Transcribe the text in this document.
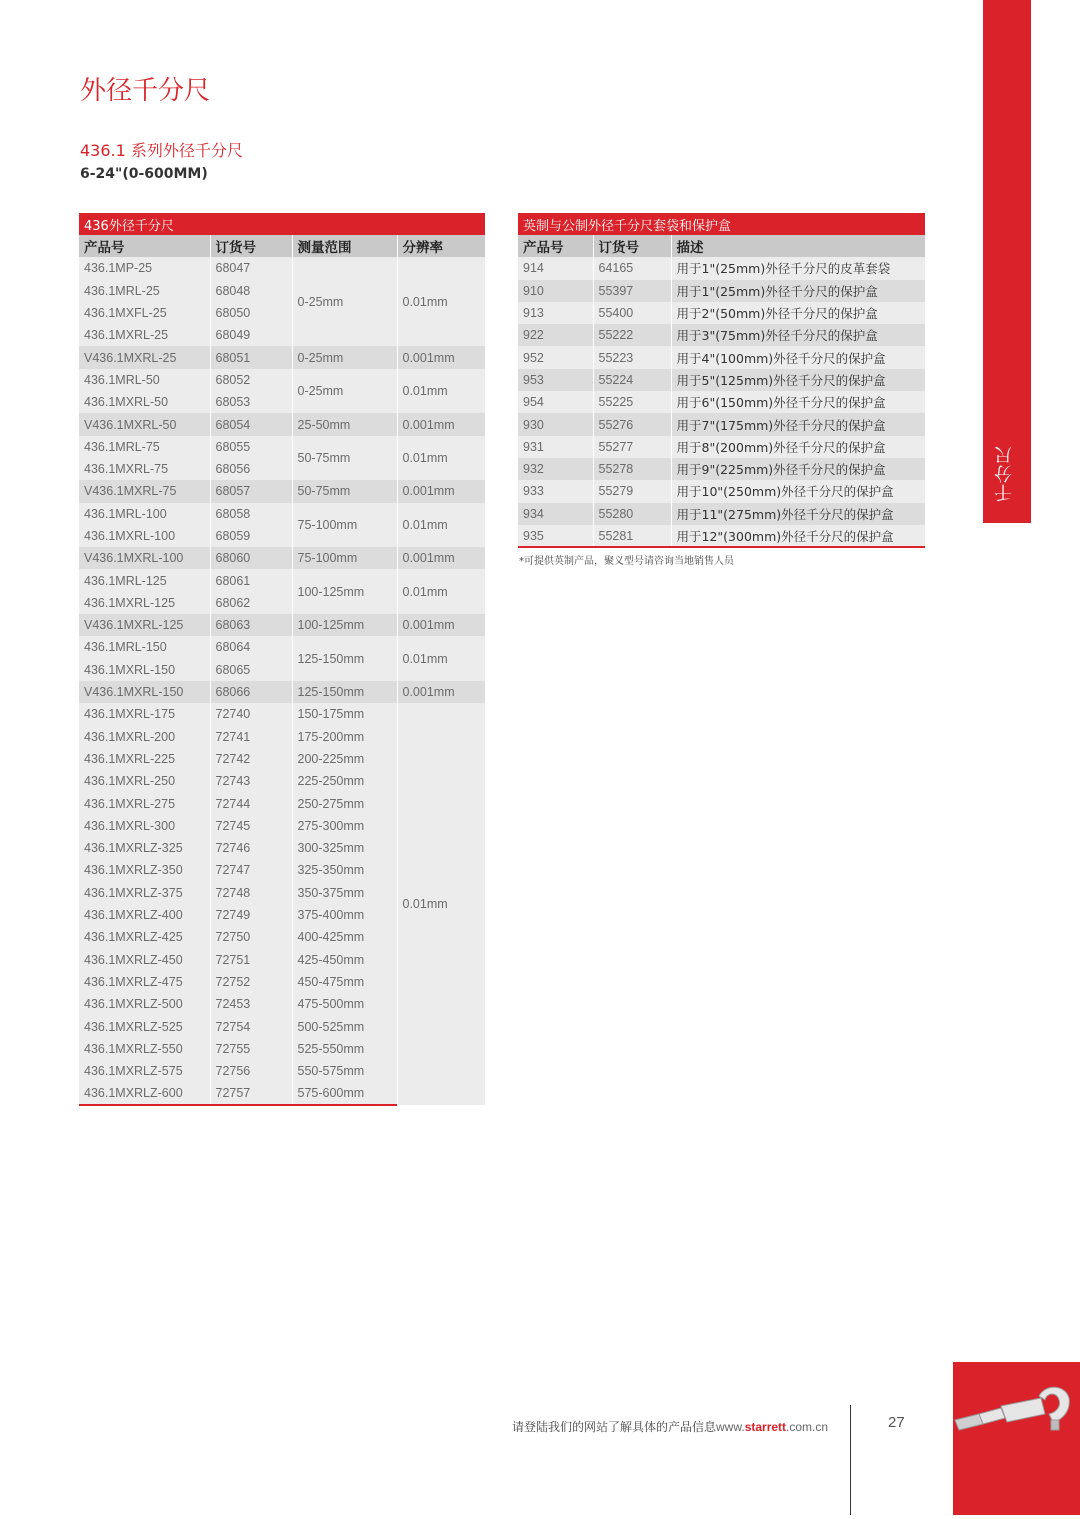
千分尺
外径千分尺
436.1 系列外径千分尺
6-24"(0-600MM)
436外径千分尺			
产品号	订货号	测量范围	分辨率
436.1MP-25	68047	0-25mm	0.01mm
436.1MRL-25	68048		
436.1MXFL-25	68050		
436.1MXRL-25	68049		
V436.1MXRL-25	68051	0-25mm	0.001mm
436.1MRL-50	68052	0-25mm	0.01mm
436.1MXRL-50	68053		
V436.1MXRL-50	68054	25-50mm	0.001mm
436.1MRL-75	68055	50-75mm	0.01mm
436.1MXRL-75	68056		
V436.1MXRL-75	68057	50-75mm	0.001mm
436.1MRL-100	68058	75-100mm	0.01mm
436.1MXRL-100	68059		
V436.1MXRL-100	68060	75-100mm	0.001mm
436.1MRL-125	68061	100-125mm	0.01mm
436.1MXRL-125	68062		
V436.1MXRL-125	68063	100-125mm	0.001mm
436.1MRL-150	68064	125-150mm	0.01mm
436.1MXRL-150	68065		
V436.1MXRL-150	68066	125-150mm	0.001mm
436.1MXRL-175	72740	150-175mm	0.01mm
436.1MXRL-200	72741	175-200mm	
436.1MXRL-225	72742	200-225mm	
436.1MXRL-250	72743	225-250mm	
436.1MXRL-275	72744	250-275mm	
436.1MXRL-300	72745	275-300mm	
436.1MXRLZ-325	72746	300-325mm	
436.1MXRLZ-350	72747	325-350mm	
436.1MXRLZ-375	72748	350-375mm	
436.1MXRLZ-400	72749	375-400mm	
436.1MXRLZ-425	72750	400-425mm	
436.1MXRLZ-450	72751	425-450mm	
436.1MXRLZ-475	72752	450-475mm	
436.1MXRLZ-500	72453	475-500mm	
436.1MXRLZ-525	72754	500-525mm	
436.1MXRLZ-550	72755	525-550mm	
436.1MXRLZ-575	72756	550-575mm	
436.1MXRLZ-600	72757	575-600mm	
英制与公制外径千分尺套袋和保护盒		
产品号	订货号	描述
914	64165	用于1"(25mm)外径千分尺的皮革套袋
910	55397	用于1"(25mm)外径千分尺的保护盒
913	55400	用于2"(50mm)外径千分尺的保护盒
922	55222	用于3"(75mm)外径千分尺的保护盒
952	55223	用于4"(100mm)外径千分尺的保护盒
953	55224	用于5"(125mm)外径千分尺的保护盒
954	55225	用于6"(150mm)外径千分尺的保护盒
930	55276	用于7"(175mm)外径千分尺的保护盒
931	55277	用于8"(200mm)外径千分尺的保护盒
932	55278	用于9"(225mm)外径千分尺的保护盒
933	55279	用于10"(250mm)外径千分尺的保护盒
934	55280	用于11"(275mm)外径千分尺的保护盒
935	55281	用于12"(300mm)外径千分尺的保护盒
*可提供英制产品，聚义型号请咨询当地销售人员
请登陆我们的网站了解具体的产品信息www.starrett.com.cn	27
